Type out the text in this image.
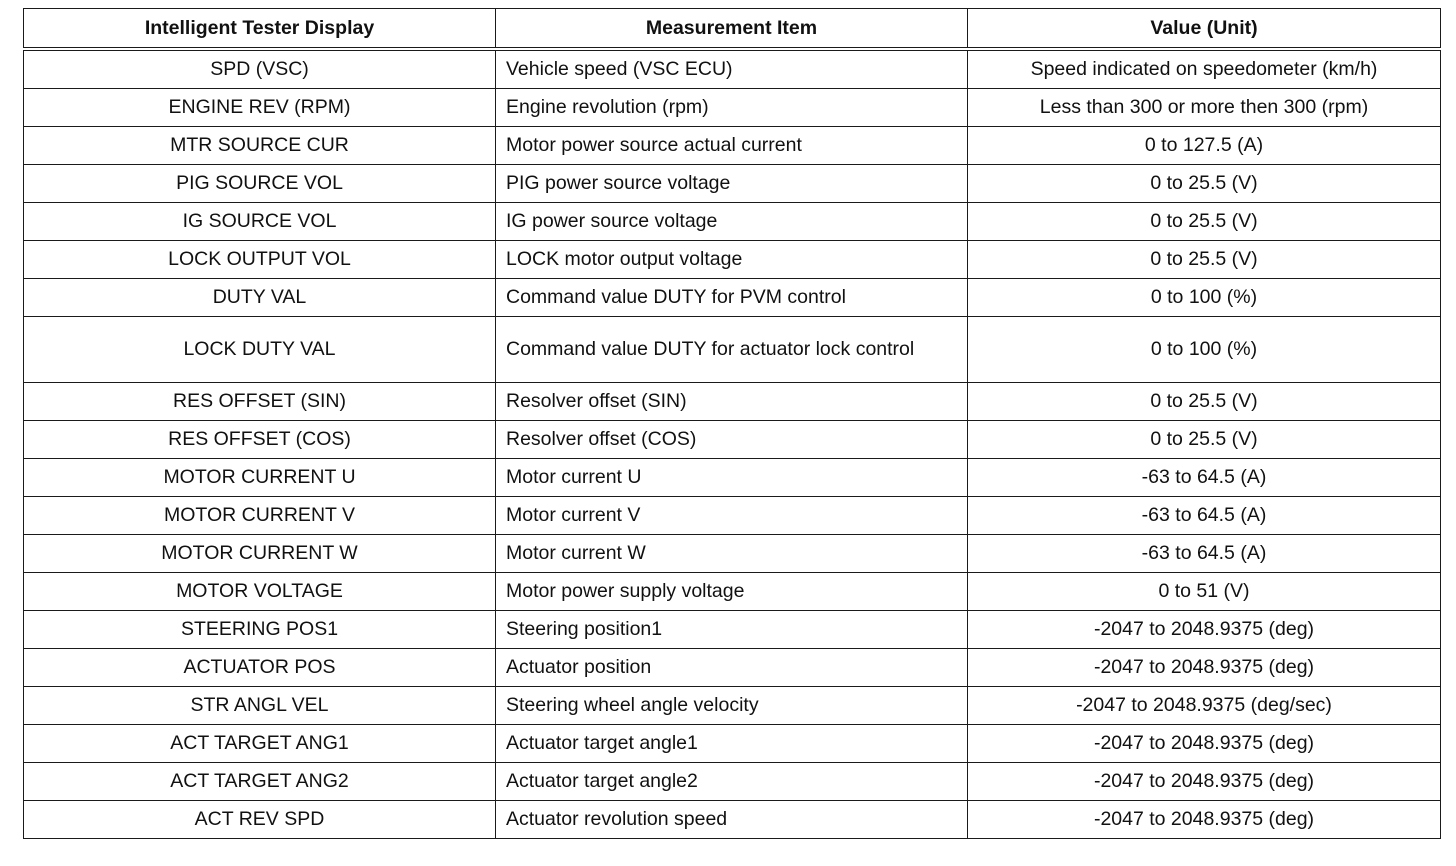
Intelligent Tester Display	Measurement Item	Value (Unit)
SPD (VSC)	Vehicle speed (VSC ECU)	Speed indicated on speedometer (km/h)
ENGINE REV (RPM)	Engine revolution (rpm)	Less than 300 or more then 300 (rpm)
MTR SOURCE CUR	Motor power source actual current	0 to 127.5 (A)
PIG SOURCE VOL	PIG power source voltage	0 to 25.5 (V)
IG SOURCE VOL	IG power source voltage	0 to 25.5 (V)
LOCK OUTPUT VOL	LOCK motor output voltage	0 to 25.5 (V)
DUTY VAL	Command value DUTY for PVM control	0 to 100 (%)
LOCK DUTY VAL	Command value DUTY for actuator lock control	0 to 100 (%)
RES OFFSET (SIN)	Resolver offset (SIN)	0 to 25.5 (V)
RES OFFSET (COS)	Resolver offset (COS)	0 to 25.5 (V)
MOTOR CURRENT U	Motor current U	-63 to 64.5 (A)
MOTOR CURRENT V	Motor current V	-63 to 64.5 (A)
MOTOR CURRENT W	Motor current W	-63 to 64.5 (A)
MOTOR VOLTAGE	Motor power supply voltage	0 to 51 (V)
STEERING POS1	Steering position1	-2047 to 2048.9375 (deg)
ACTUATOR POS	Actuator position	-2047 to 2048.9375 (deg)
STR ANGL VEL	Steering wheel angle velocity	-2047 to 2048.9375 (deg/sec)
ACT TARGET ANG1	Actuator target angle1	-2047 to 2048.9375 (deg)
ACT TARGET ANG2	Actuator target angle2	-2047 to 2048.9375 (deg)
ACT REV SPD	Actuator revolution speed	-2047 to 2048.9375 (deg)
